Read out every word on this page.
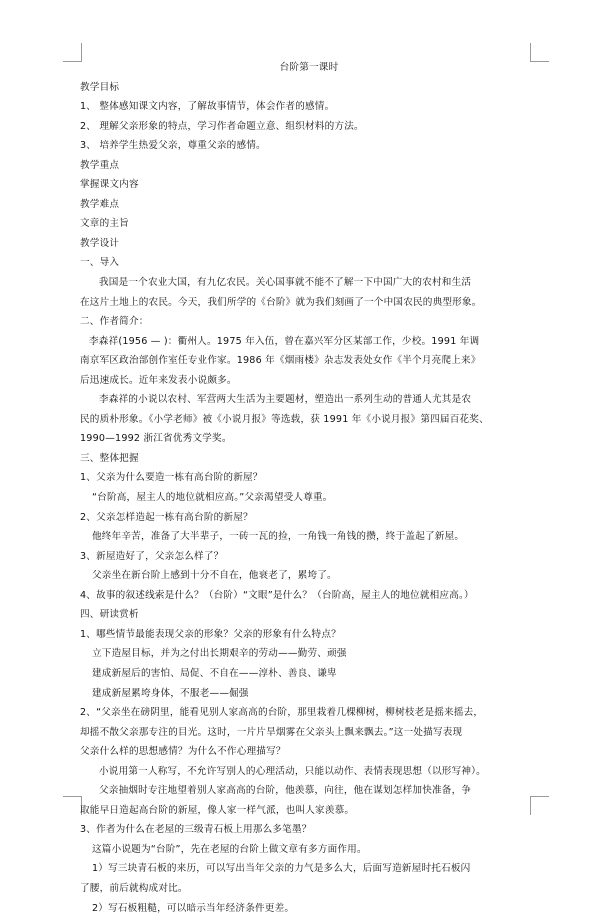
台阶第一课时
教学目标
1、 整体感知课文内容，了解故事情节，体会作者的感情。
2、 理解父亲形象的特点，学习作者命题立意、组织材料的方法。
3、 培养学生热爱父亲，尊重父亲的感情。
教学重点
掌握课文内容
教学难点
文章的主旨
教学设计
一、导入
我国是一个农业大国，有九亿农民。关心国事就不能不了解一下中国广大的农村和生活
在这片土地上的农民。今天，我们所学的《台阶》就为我们刻画了一个中国农民的典型形象。
二、作者简介：
李森祥(1956 — )：衢州人。1975 年入伍，曾在嘉兴军分区某部工作，少校。1991 年调
南京军区政治部创作室任专业作家。1986 年《烟雨楼》杂志发表处女作《半个月亮爬上来》
后迅速成长。近年来发表小说颇多。
李森祥的小说以农村、军营两大生活为主要题材，塑造出一系列生动的普通人尤其是农
民的质朴形象。《小学老师》被《小说月报》等选载，获 1991 年《小说月报》第四届百花奖、
1990—1992 浙江省优秀文学奖。
三、整体把握
1、父亲为什么要造一栋有高台阶的新屋？
“台阶高，屋主人的地位就相应高。”父亲渴望受人尊重。
2、父亲怎样造起一栋有高台阶的新屋？
他终年辛苦，准备了大半辈子，一砖一瓦的捡，一角钱一角钱的攒，终于盖起了新屋。
3、新屋造好了，父亲怎么样了？
父亲坐在新台阶上感到十分不自在，他衰老了，累垮了。
4、故事的叙述线索是什么？（台阶）“文眼”是什么？（台阶高，屋主人的地位就相应高。）
四、研读赏析
1、哪些情节最能表现父亲的形象？父亲的形象有什么特点？
立下造屋目标，并为之付出长期艰辛的劳动——勤劳、顽强
建成新屋后的害怕、局促、不自在——淳朴、善良、谦卑
建成新屋累垮身体，不服老——倔强
2、“父亲坐在磅阴里，能看见别人家高高的台阶，那里栽着几棵柳树，柳树枝老是摇来摇去，
却摇不散父亲那专注的目光。这时，一片片旱烟雾在父亲头上飘来飘去。”这一处描写表现
父亲什么样的思想感情？为什么不作心理描写？
小说用第一人称写，不允许写别人的心理活动，只能以动作、表情表现思想（以形写神）。
父亲抽烟时专注地望着别人家高高的台阶，他羡慕，向往，他在谋划怎样加快准备，争
取能早日造起高台阶的新屋，像人家一样气派，也叫人家羡慕。
3、作者为什么在老屋的三级青石板上用那么多笔墨？
这篇小说题为“台阶”，先在老屋的台阶上做文章有多方面作用。
1）写三块青石板的来历，可以写出当年父亲的力气是多么大，后面写造新屋时托石板闪
了腰，前后就构成对比。
2）写石板粗糙，可以暗示当年经济条件更差。
